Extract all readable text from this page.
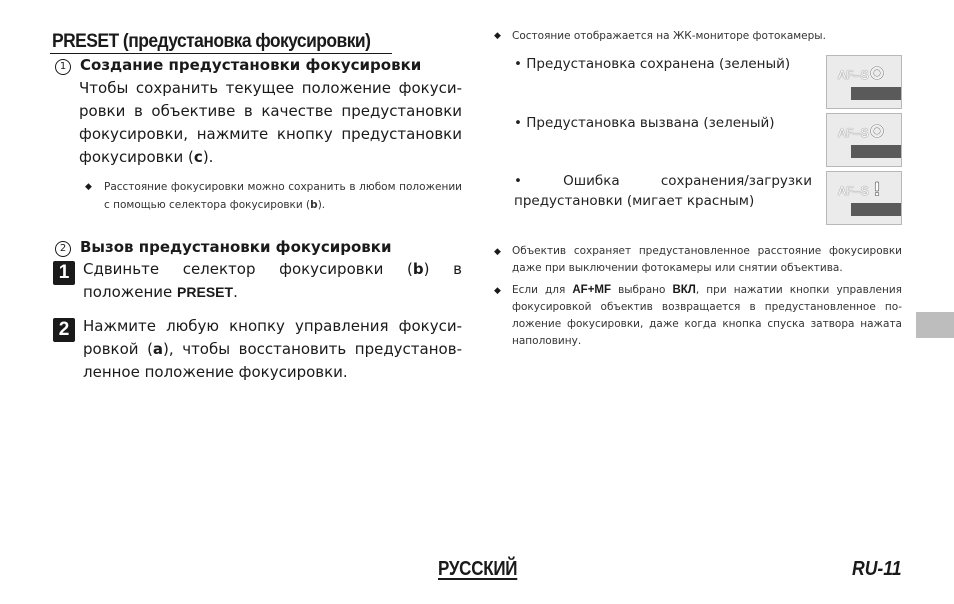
PRESET (предустановка фокусировки)
1 Создание предустановки фокусировки
Чтобы сохранить текущее положение фокусировки в объективе в качестве предустановки фокусировки, нажмите кнопку предустановки фокусировки (c).
◆
Расстояние фокусировки можно сохранить в любом положении с помощью селектора фокусировки (b).
2 Вызов предустановки фокусировки
1 Сдвиньте селектор фокусировки (b) в положение PRESET.
2 Нажмите любую кнопку управления фокусировкой (a), чтобы восстановить предустановленное положение фокусировки.
◆
Состояние отображается на ЖК-мониторе фотокамеры.
• Предустановка сохранена (зеленый)
AF–S
• Предустановка вызвана (зеленый)
AF–S
• Ошибка сохранения/загрузки предустановки (мигает красным)
AF–S
◆
Объектив сохраняет предустановленное расстояние фокусировки даже при выключении фотокамеры или снятии объектива.
◆
Если для AF+MF выбрано ВКЛ, при нажатии кнопки управления фокусировкой объектив возвращается в предустановленное положение фокусировки, даже когда кнопка спуска затвора нажата наполовину.
РУССКИЙ	RU-11
